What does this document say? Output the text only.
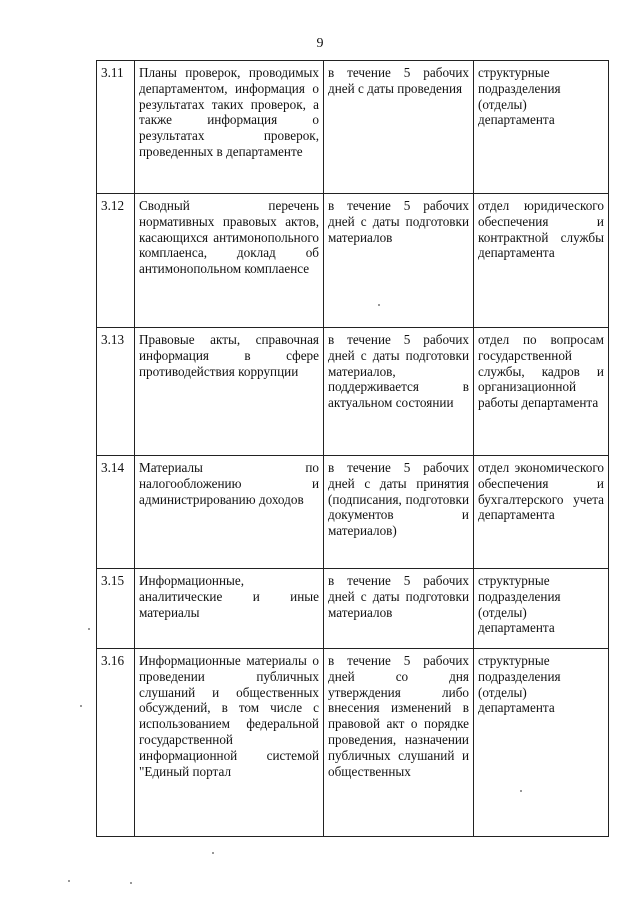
9
3.11	Планы проверок, проводимых департаментом, информация о результатах таких проверок, а также информация о результатах проверок, проведенных в департаменте	в течение 5 рабочих дней с даты проведения	структурные подразделения (отделы) департамента
3.12	Сводный перечень нормативных правовых актов, касающихся антимонопольного комплаенса, доклад об антимонопольном комплаенсе	в течение 5 рабочих дней с даты подготовки материалов	отдел юридического обеспечения и контрактной службы департамента
3.13	Правовые акты, справочная информация в сфере противодействия коррупции	в течение 5 рабочих дней с даты подготовки материалов, поддерживается в актуальном состоянии	отдел по вопросам государственной службы, кадров и организационной работы департамента
3.14	Материалы по налогообложению и администрированию доходов	в течение 5 рабочих дней с даты принятия (подписания, подготовки документов и материалов)	отдел экономического обеспечения и бухгалтерского учета департамента
3.15	Информационные, аналитические и иные материалы	в течение 5 рабочих дней с даты подготовки материалов	структурные подразделения (отделы) департамента
3.16	Информационные материалы о проведении публичных слушаний и общественных обсуждений, в том числе с использованием федеральной государственной информационной системой "Единый портал	в течение 5 рабочих дней со дня утверждения либо внесения изменений в правовой акт о порядке проведения, назначении публичных слушаний и общественных	структурные подразделения (отделы) департамента
